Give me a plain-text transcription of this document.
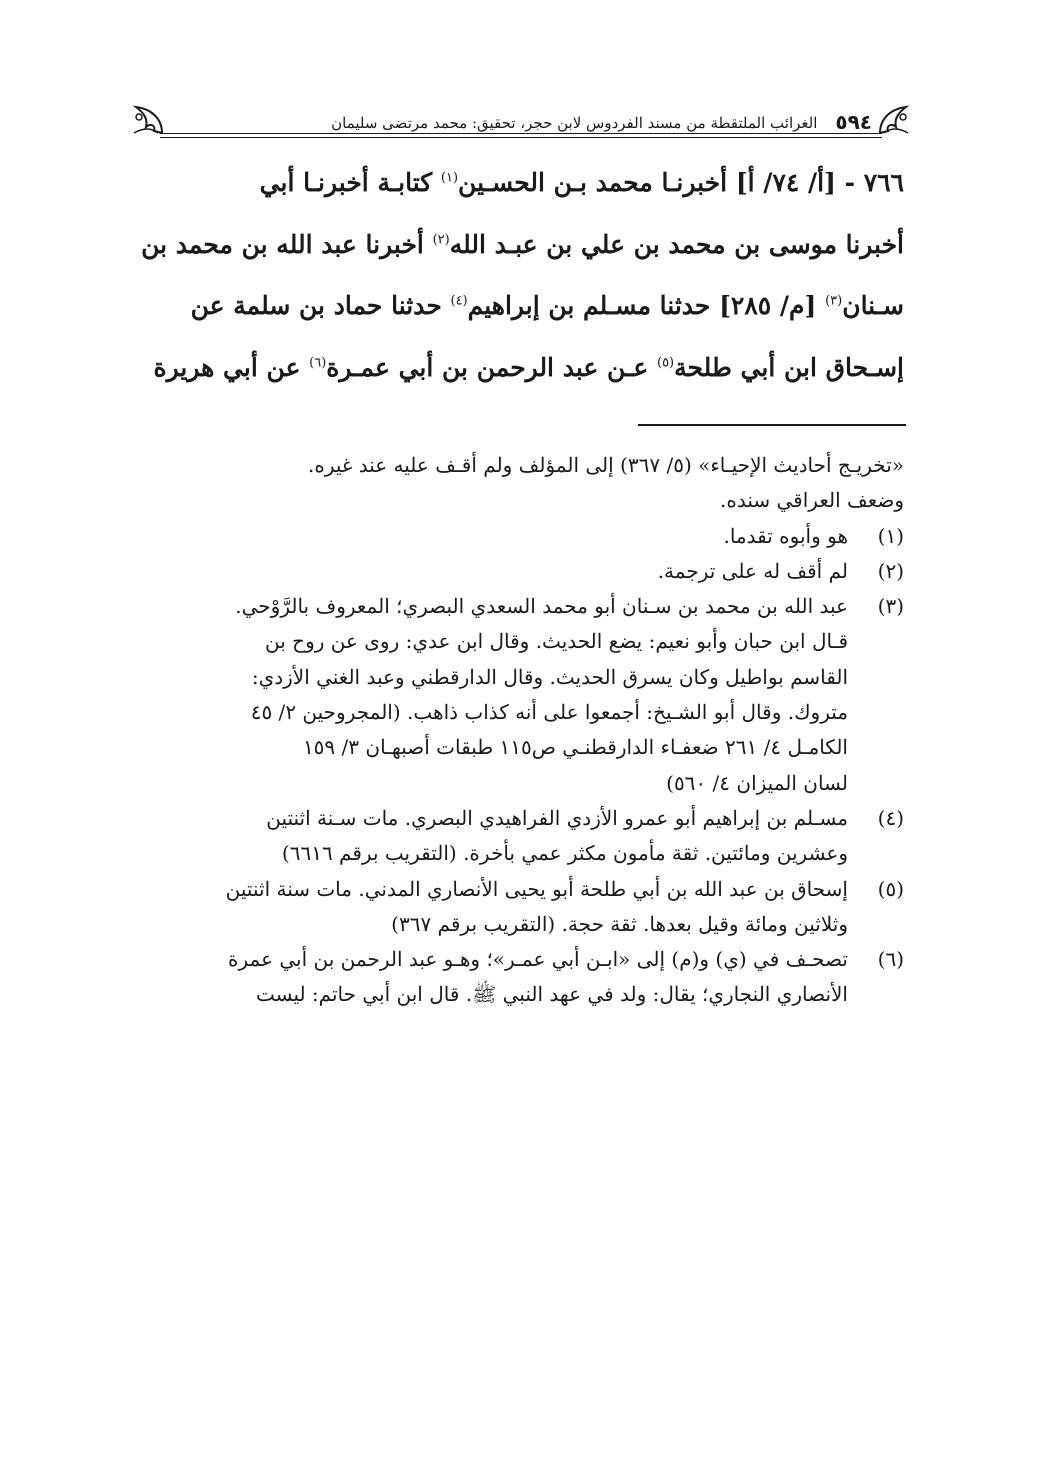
٥٩٤
الغرائب الملتقطة من مسند الفردوس لابن حجر، تحقيق: محمد مرتضى سليمان
٧٦٦ - [أ/ ٧٤/ أ] أخبرنـا محمد بـن الحسـين$^{(١)}$ كتابـة أخبرنـا أبي
أخبرنا موسى بن محمد بن علي بن عبـد الله$^{(٢)}$ أخبرنا عبد الله بن محمد بن
سـنان$^{(٣)}$ [م/ ٢٨٥] حدثنا مسـلم بن إبراهيم$^{(٤)}$ حدثنا حماد بن سلمة عن
إسـحاق ابن أبي طلحة$^{(٥)}$ عـن عبد الرحمن بن أبي عمـرة$^{(٦)}$ عن أبي هريرة
«تخريـج أحاديث الإحيـاء» (٥/ ٣٦٧) إلى المؤلف ولم أقـف عليه عند غيره.
وضعف العراقي سنده.
(١)
هو وأبوه تقدما.
(٢)
لم أقف له على ترجمة.
(٣)
عبد الله بن محمد بن سـنان أبو محمد السعدي البصري؛ المعروف بالرَّوْحي.
قـال ابن حبان وأبو نعيم: يضع الحديث. وقال ابن عدي: روى عن روح بن
القاسم بواطيل وكان يسرق الحديث. وقال الدارقطني وعبد الغني الأزدي:
متروك. وقال أبو الشـيخ: أجمعوا على أنه كذاب ذاهب. (المجروحين ٢/ ٤٥
الكامـل ٤/ ٢٦١ ضعفـاء الدارقطنـي ص١١٥ طبقات أصبهـان ٣/ ١٥٩
لسان الميزان ٤/ ٥٦٠)
(٤)
مسـلم بن إبراهيم أبو عمرو الأزدي الفراهيدي البصري. مات سـنة اثنتين
وعشرين ومائتين. ثقة مأمون مكثر عمي بأخرة. (التقريب برقم ٦٦١٦)
(٥)
إسحاق بن عبد الله بن أبي طلحة أبو يحيى الأنصاري المدني. مات سنة اثنتين
وثلاثين ومائة وقيل بعدها. ثقة حجة. (التقريب برقم ٣٦٧)
(٦)
تصحـف في (ي) و(م) إلى «ابـن أبي عمـر»؛ وهـو عبد الرحمن بن أبي عمرة
الأنصاري النجاري؛ يقال: ولد في عهد النبي ﷺ. قال ابن أبي حاتم: ليست
